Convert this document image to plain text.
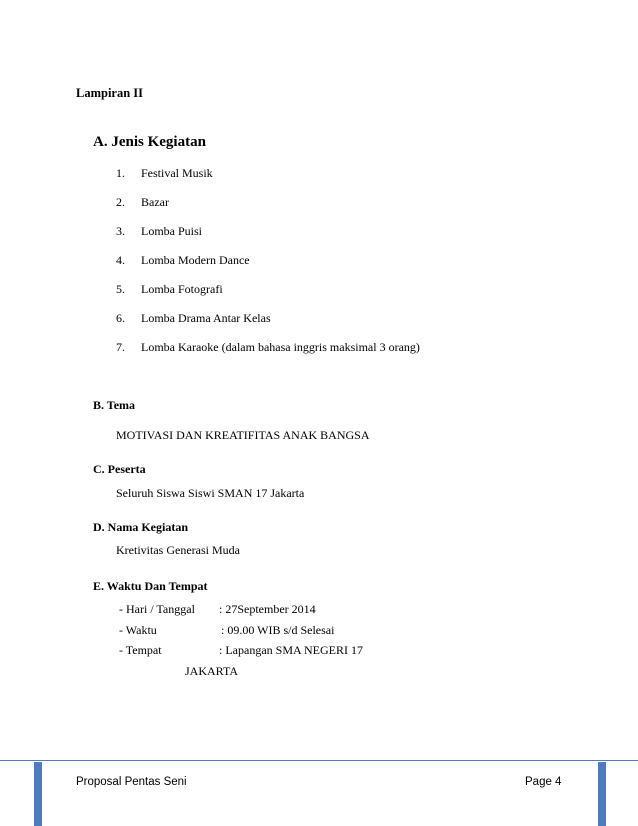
Lampiran II
A. Jenis Kegiatan
1. Festival Musik
2. Bazar
3. Lomba Puisi
4. Lomba Modern Dance
5. Lomba Fotografi
6. Lomba Drama Antar Kelas
7. Lomba Karaoke (dalam bahasa inggris maksimal 3 orang)
B. Tema
MOTIVASI DAN KREATIFITAS ANAK BANGSA
C. Peserta
Seluruh Siswa Siswi SMAN 17 Jakarta
D. Nama Kegiatan
Kretivitas Generasi Muda
E. Waktu Dan Tempat
- Hari / Tanggal : 27September 2014
- Waktu	: 09.00 WIB s/d Selesai
- Tempat	: Lapangan SMA NEGERI 17
JAKARTA
Proposal Pentas Seni	Page 4
